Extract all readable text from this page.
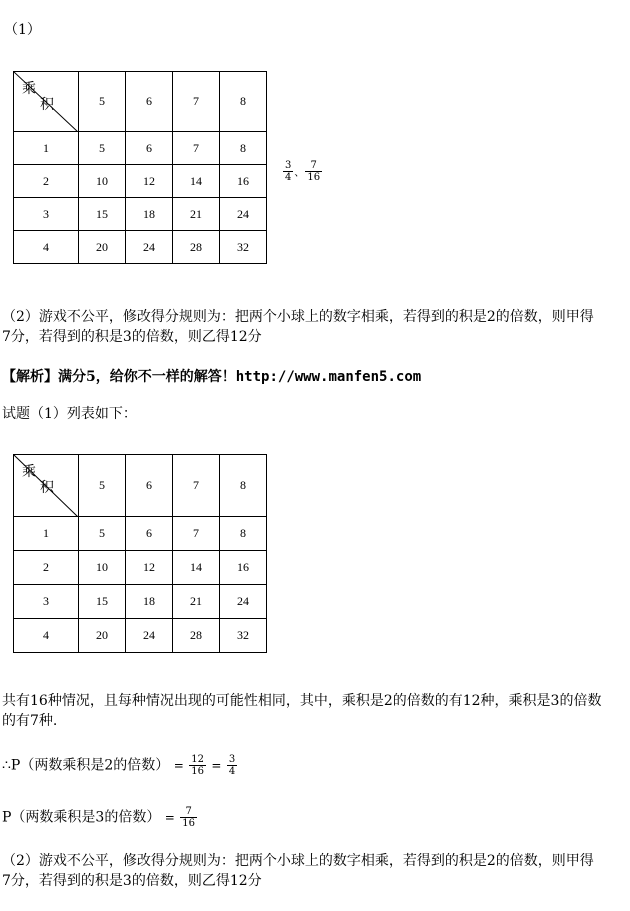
（1）
乘
积	5	6	7	8
1	5	6	7	8
2	10	12	14	16
3	15	18	21	24
4	20	24	28	32
$\frac{3}{4}$ 、 $\frac{7}{16}$
（2）游戏不公平，修改得分规则为：把两个小球上的数字相乘，若得到的积是2的倍数，则甲得
7分，若得到的积是3的倍数，则乙得12分
【解析】满分5，给你不一样的解答！http://www.manfen5.com
试题（1）列表如下：
乘
积	5	6	7	8
1	5	6	7	8
2	10	12	14	16
3	15	18	21	24
4	20	24	28	32
共有16种情况，且每种情况出现的可能性相同，其中，乘积是2的倍数的有12种，乘积是3的倍数
的有7种.
∴P（两数乘积是2的倍数） = $\frac{12}{16} = \frac{3}{4}$
P（两数乘积是3的倍数） = $\frac{7}{16}$
（2）游戏不公平，修改得分规则为：把两个小球上的数字相乘，若得到的积是2的倍数，则甲得
7分，若得到的积是3的倍数，则乙得12分
